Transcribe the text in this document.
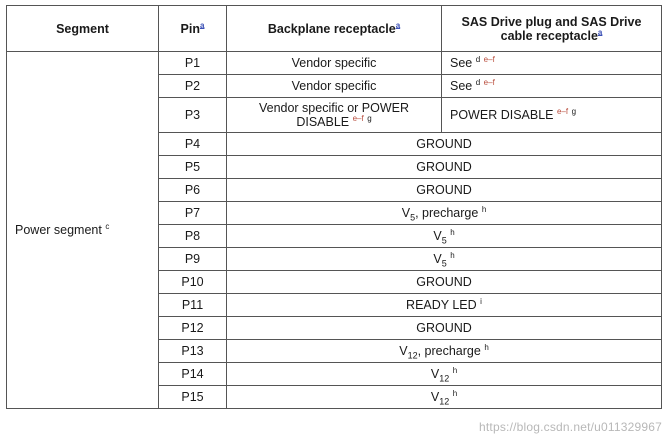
Segment	Pin$^a$	Backplane receptacle$^a$	SAS Drive plug and SAS Drive
cable receptacle$^a$
Power segment $^c$	P1	Vendor specific	See $^d$ $^{e-f}$
	P2	Vendor specific	See $^d$ $^{e-f}$
	P3	Vendor specific or POWER
DISABLE $^{e-f}$ $^g$	POWER DISABLE $^{e-f}$ $^g$
	P4	GROUND	
	P5	GROUND	
	P6	GROUND	
	P7	$V_5$, precharge $^h$
	P8	$V_5$ $^h$
	P9	$V_5$ $^h$
	P10	GROUND	
	P11	READY LED $^i$
	P12	GROUND	
	P13	$V_{12}$, precharge $^h$
	P14	$V_{12}$ $^h$
	P15	$V_{12}$ $^h$
https://blog.csdn.net/u011329967
